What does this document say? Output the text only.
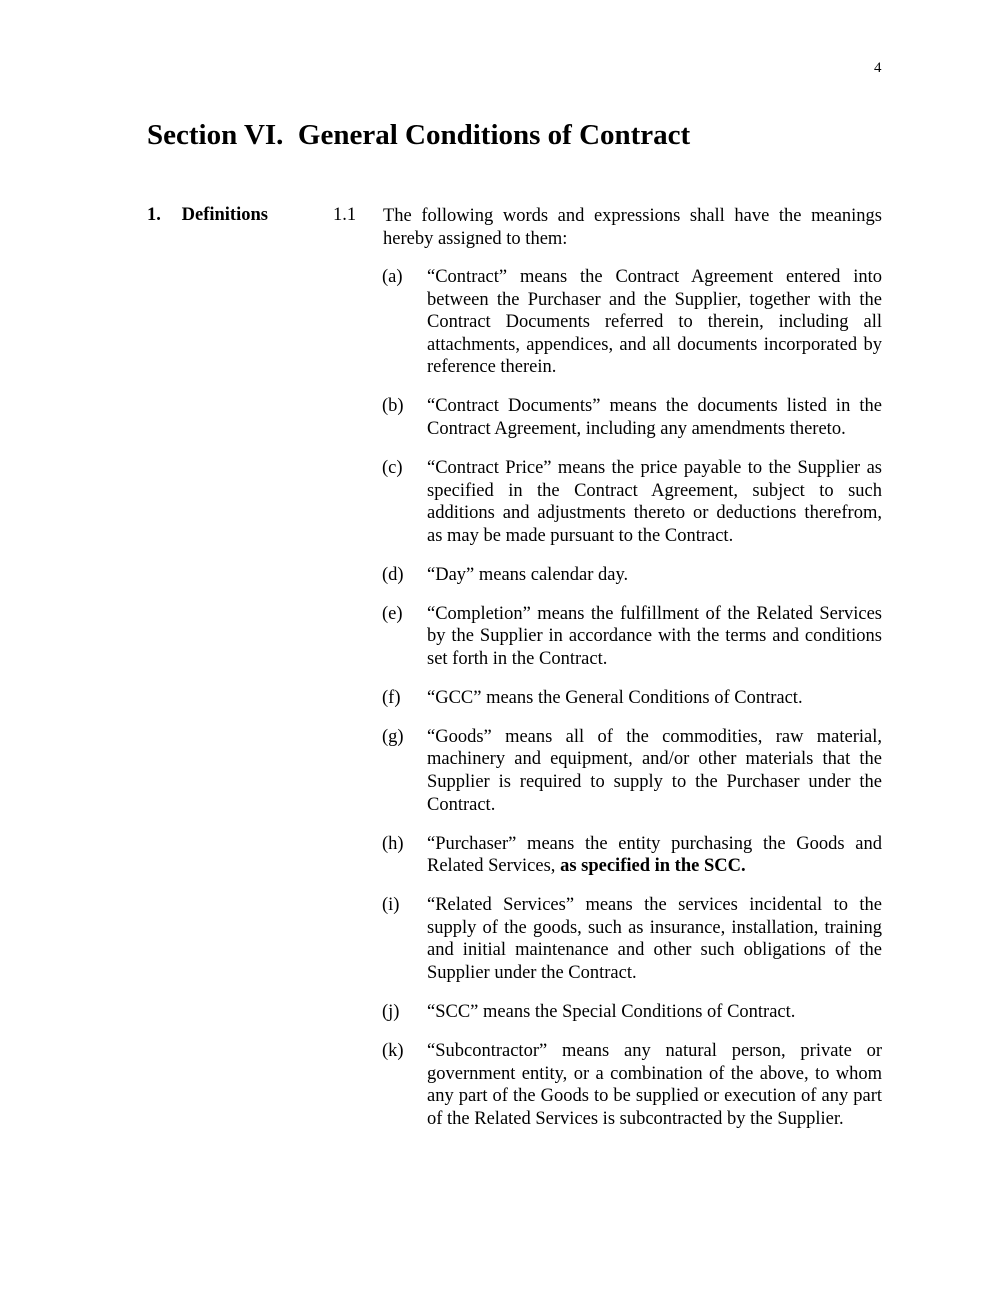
4
Section VI.  General Conditions of Contract
1. Definitions	1.1 The following words and expressions shall have the meanings hereby assigned to them:
(a) “Contract” means the Contract Agreement entered into between the Purchaser and the Supplier, together with the Contract Documents referred to therein, including all attachments, appendices, and all documents incorporated by reference therein.
(b) “Contract Documents” means the documents listed in the Contract Agreement, including any amendments thereto.
(c) “Contract Price” means the price payable to the Supplier as specified in the Contract Agreement, subject to such additions and adjustments thereto or deductions therefrom, as may be made pursuant to the Contract.
(d) “Day” means calendar day.
(e) “Completion” means the fulfillment of the Related Services by the Supplier in accordance with the terms and conditions set forth in the Contract.
(f) “GCC” means the General Conditions of Contract.
(g) “Goods” means all of the commodities, raw material, machinery and equipment, and/or other materials that the Supplier is required to supply to the Purchaser under the Contract.
(h) “Purchaser” means the entity purchasing the Goods and Related Services, as specified in the SCC.
(i) “Related Services” means the services incidental to the supply of the goods, such as insurance, installation, training and initial maintenance and other such obligations of the Supplier under the Contract.
(j) “SCC” means the Special Conditions of Contract.
(k) “Subcontractor” means any natural person, private or government entity, or a combination of the above, to whom any part of the Goods to be supplied or execution of any part of the Related Services is subcontracted by the Supplier.
